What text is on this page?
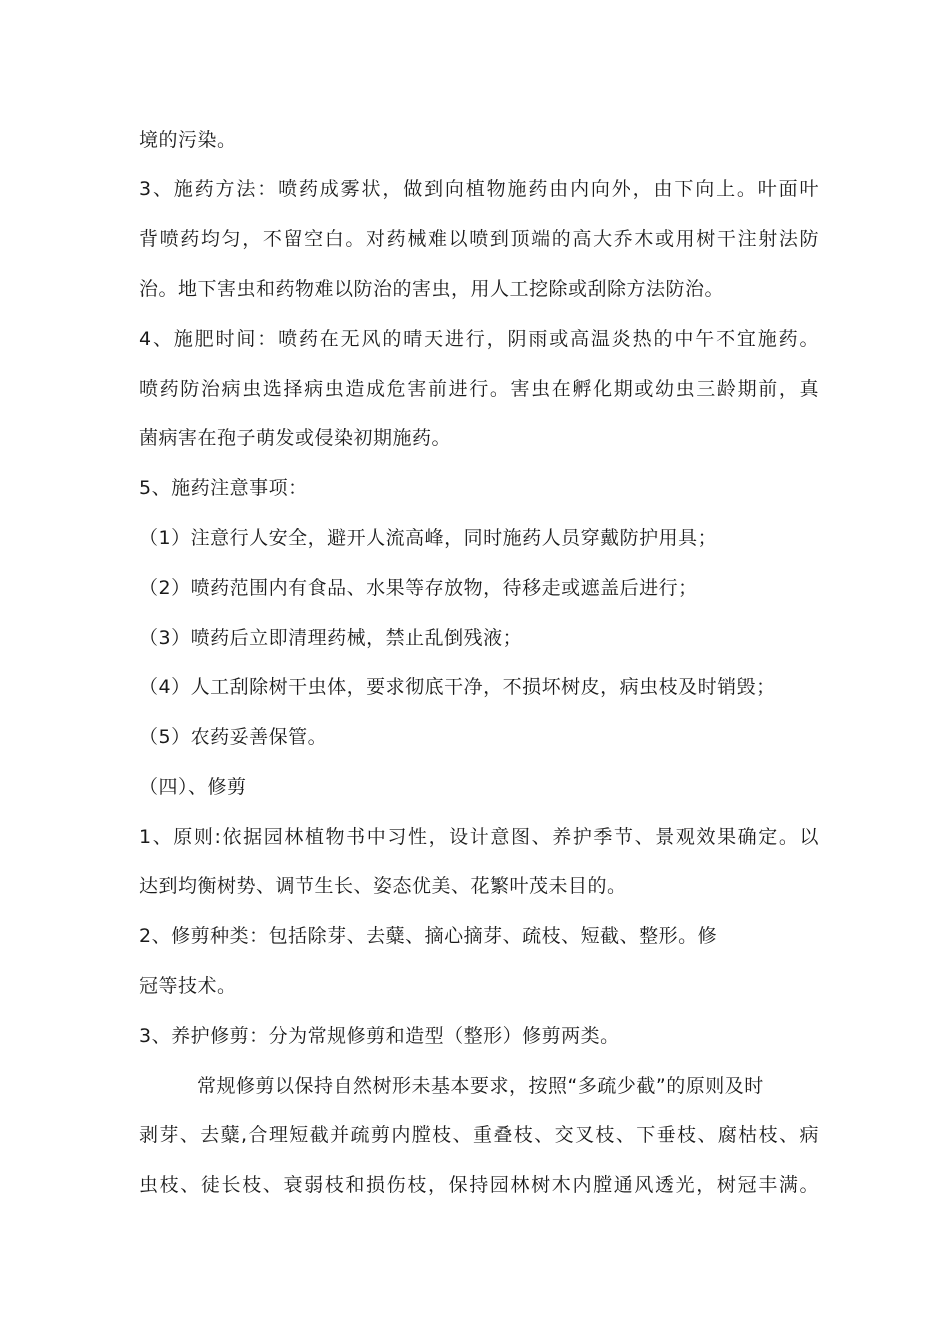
境的污染。
3、施药方法：喷药成雾状，做到向植物施药由内向外，由下向上。叶面叶
背喷药均匀，不留空白。对药械难以喷到顶端的高大乔木或用树干注射法防
治。地下害虫和药物难以防治的害虫，用人工挖除或刮除方法防治。
4、施肥时间：喷药在无风的晴天进行，阴雨或高温炎热的中午不宜施药。
喷药防治病虫选择病虫造成危害前进行。害虫在孵化期或幼虫三龄期前，真
菌病害在孢子萌发或侵染初期施药。
5、施药注意事项：
（1）注意行人安全，避开人流高峰，同时施药人员穿戴防护用具；
（2）喷药范围内有食品、水果等存放物，待移走或遮盖后进行；
（3）喷药后立即清理药械，禁止乱倒残液；
（4）人工刮除树干虫体，要求彻底干净，不损坏树皮，病虫枝及时销毁；
（5）农药妥善保管。
（四）、修剪
1、原则:依据园林植物书中习性，设计意图、养护季节、景观效果确定。以
达到均衡树势、调节生长、姿态优美、花繁叶茂未目的。
2、修剪种类：包括除芽、去糵、摘心摘芽、疏枝、短截、整形。修
冠等技术。
3、养护修剪：分为常规修剪和造型（整形）修剪两类。
常规修剪以保持自然树形未基本要求，按照“多疏少截”的原则及时
剥芽、去糵,合理短截并疏剪内膛枝、重叠枝、交叉枝、下垂枝、腐枯枝、病
虫枝、徒长枝、衰弱枝和损伤枝，保持园林树木内膛通风透光，树冠丰满。
